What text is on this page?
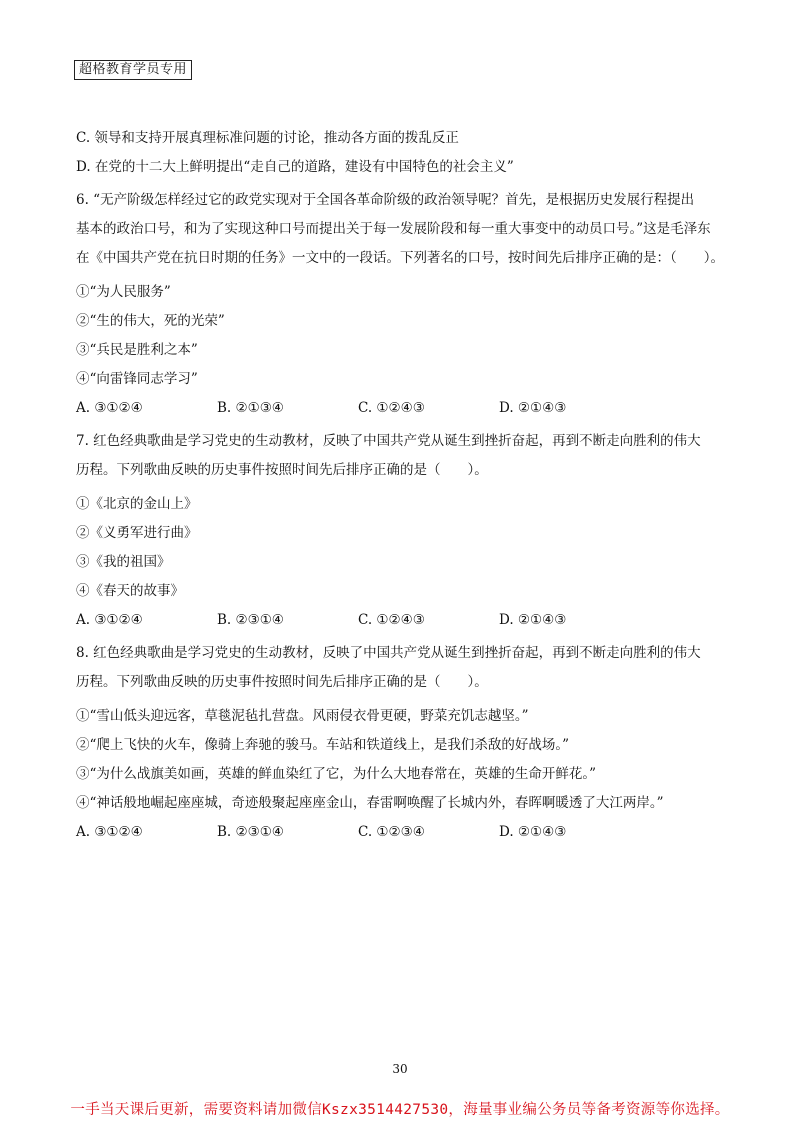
超格教育学员专用
C. 领导和支持开展真理标准问题的讨论，推动各方面的拨乱反正
D. 在党的十二大上鲜明提出“走自己的道路，建设有中国特色的社会主义”
6. “无产阶级怎样经过它的政党实现对于全国各革命阶级的政治领导呢？首先，是根据历史发展行程提出
基本的政治口号，和为了实现这种口号而提出关于每一发展阶段和每一重大事变中的动员口号。”这是毛泽东
在《中国共产党在抗日时期的任务》一文中的一段话。下列著名的口号，按时间先后排序正确的是：（　　）。
①“为人民服务”
②“生的伟大，死的光荣”
③“兵民是胜利之本”
④“向雷锋同志学习”
A. ③①②④	B. ②①③④	C. ①②④③	D. ②①④③
7. 红色经典歌曲是学习党史的生动教材，反映了中国共产党从诞生到挫折奋起，再到不断走向胜利的伟大
历程。下列歌曲反映的历史事件按照时间先后排序正确的是（　　）。
①《北京的金山上》
②《义勇军进行曲》
③《我的祖国》
④《春天的故事》
A. ③①②④	B. ②③①④	C. ①②④③	D. ②①④③
8. 红色经典歌曲是学习党史的生动教材，反映了中国共产党从诞生到挫折奋起，再到不断走向胜利的伟大
历程。下列歌曲反映的历史事件按照时间先后排序正确的是（　　）。
①“雪山低头迎远客，草毯泥毡扎营盘。风雨侵衣骨更硬，野菜充饥志越坚。”
②“爬上飞快的火车，像骑上奔驰的骏马。车站和铁道线上，是我们杀敌的好战场。”
③“为什么战旗美如画，英雄的鲜血染红了它，为什么大地春常在，英雄的生命开鲜花。”
④“神话般地崛起座座城，奇迹般聚起座座金山，春雷啊唤醒了长城内外，春晖啊暖透了大江两岸。”
A. ③①②④	B. ②③①④	C. ①②③④	D. ②①④③
30
一手当天课后更新，需要资料请加微信Kszx3514427530，海量事业编公务员等备考资源等你选择。
